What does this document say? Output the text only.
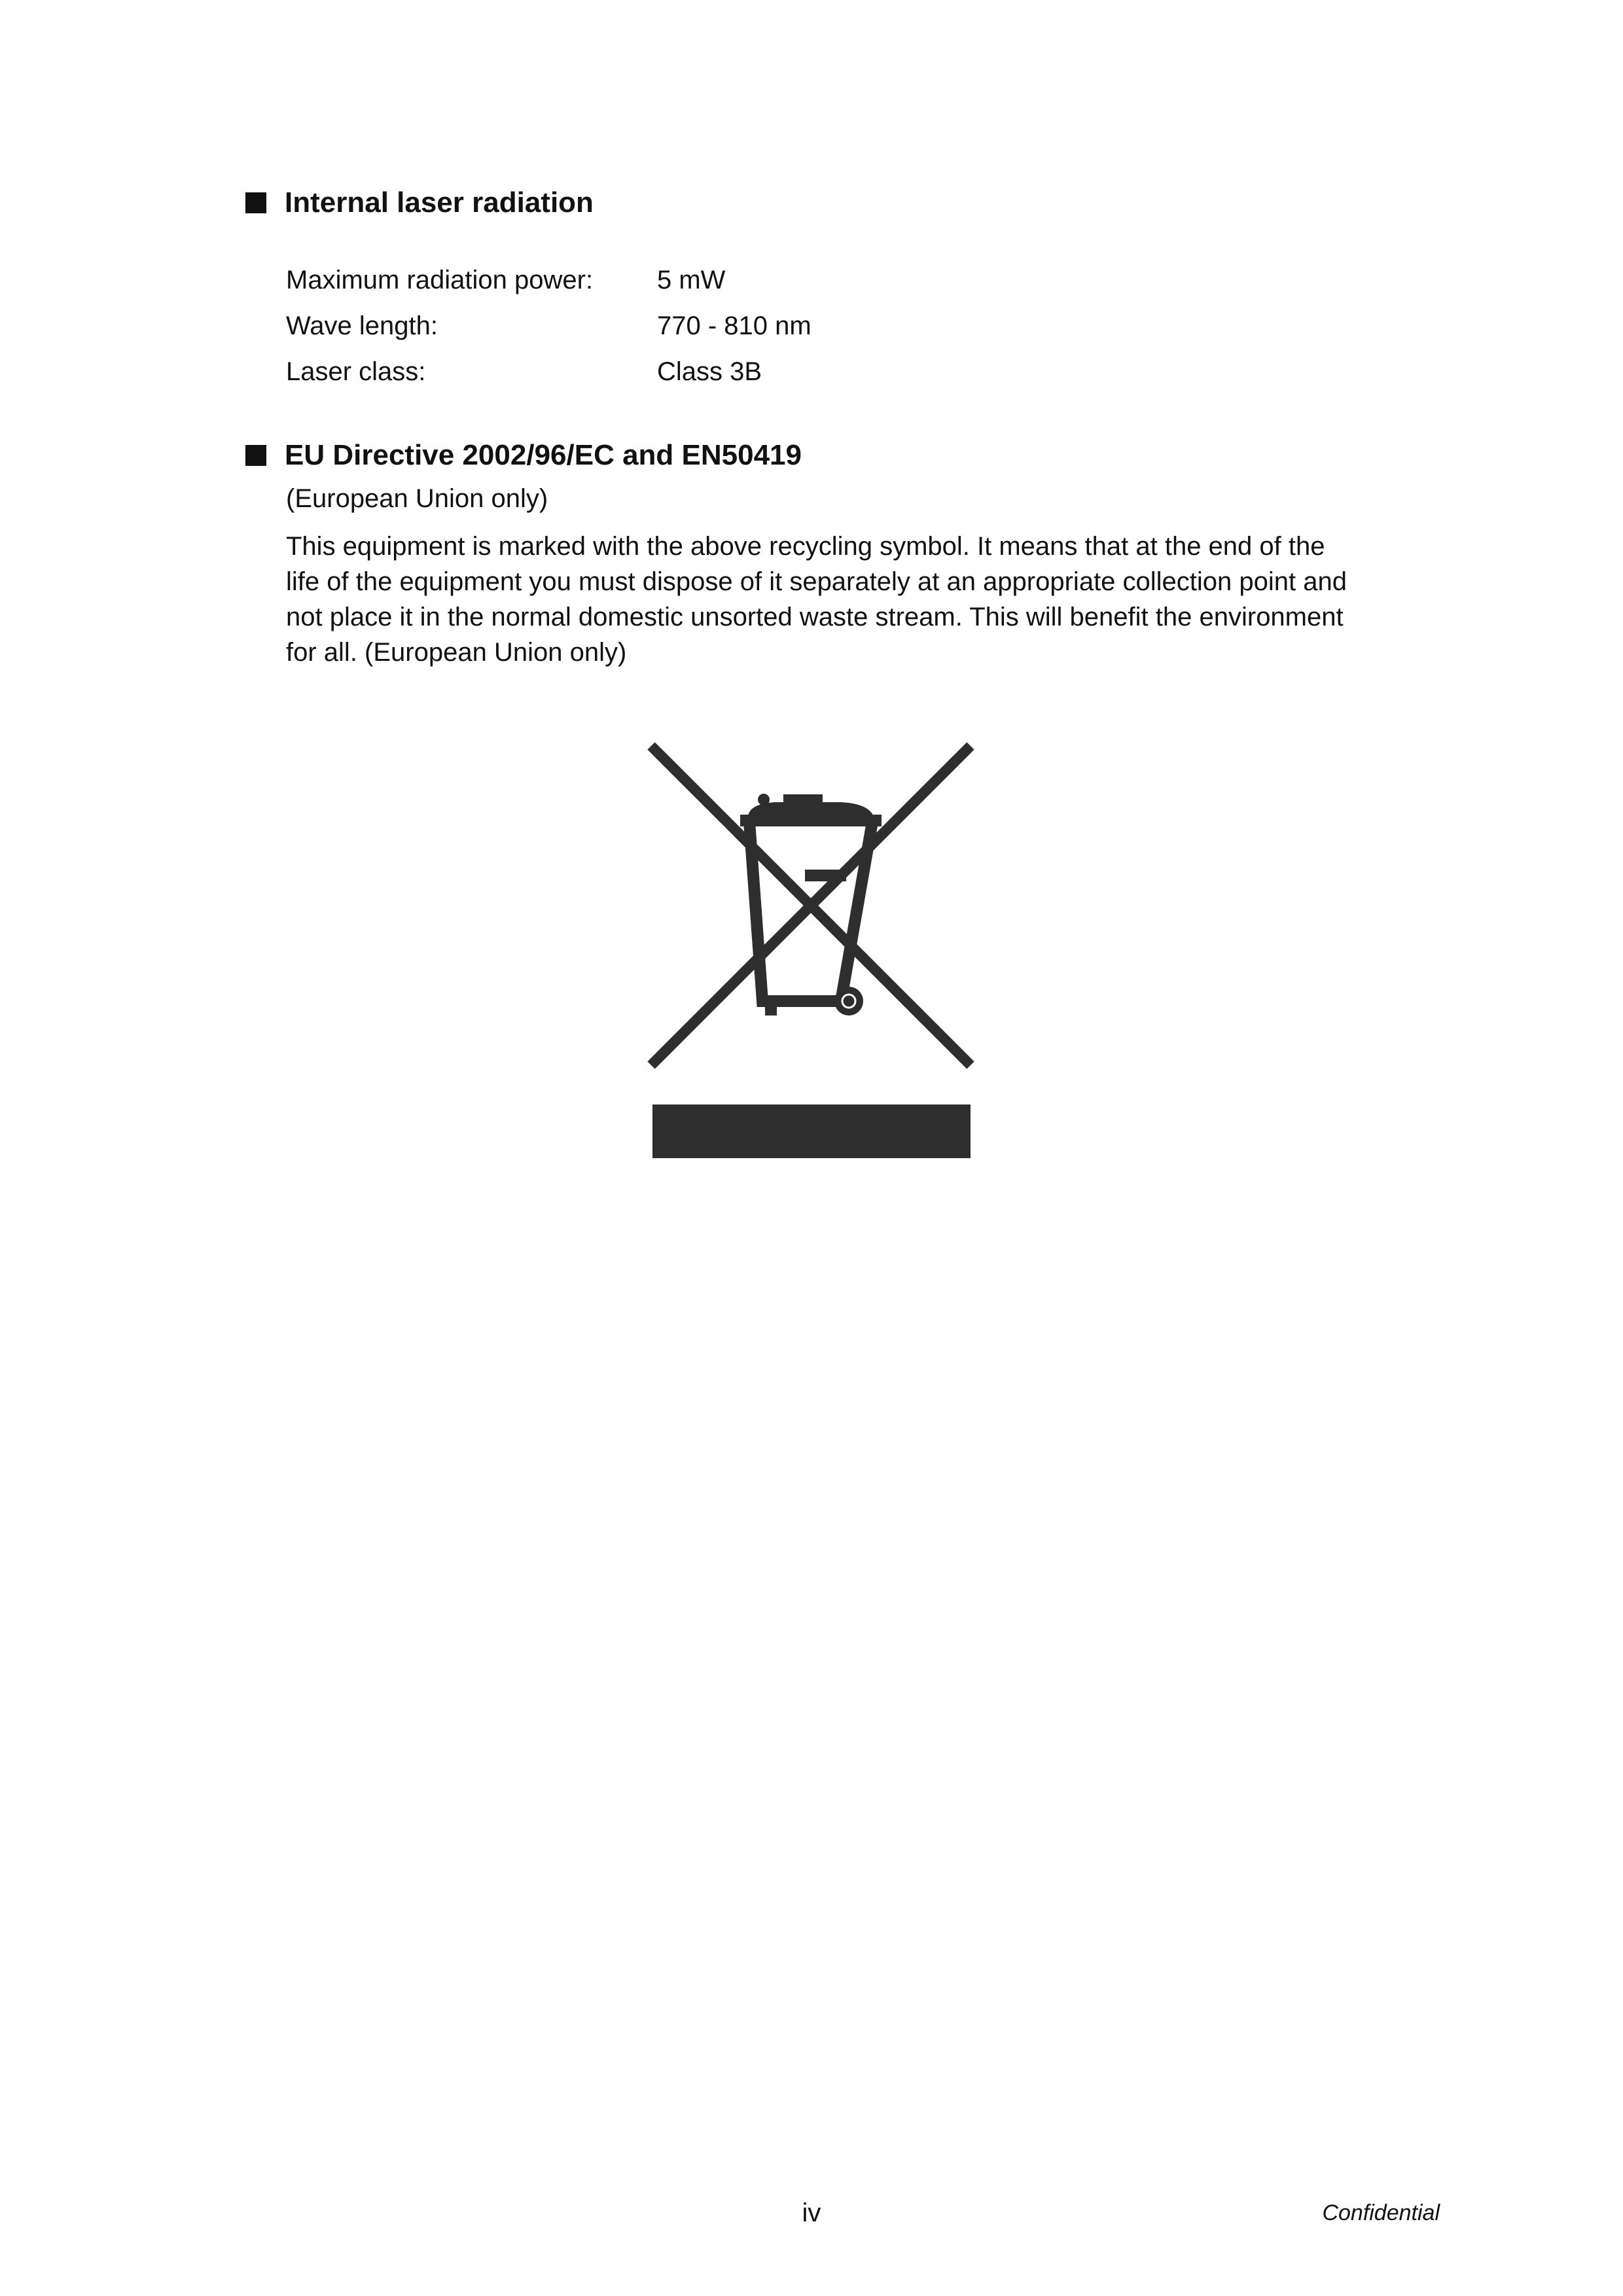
Internal laser radiation
Maximum radiation power: 5 mW
Wave length:	770 - 810 nm
Laser class:	Class 3B
EU Directive 2002/96/EC and EN50419
(European Union only)
This equipment is marked with the above recycling symbol. It means that at the end of the
life of the equipment you must dispose of it separately at an appropriate collection point and
not place it in the normal domestic unsorted waste stream. This will benefit the environment
for all. (European Union only)
iv	Confidential
